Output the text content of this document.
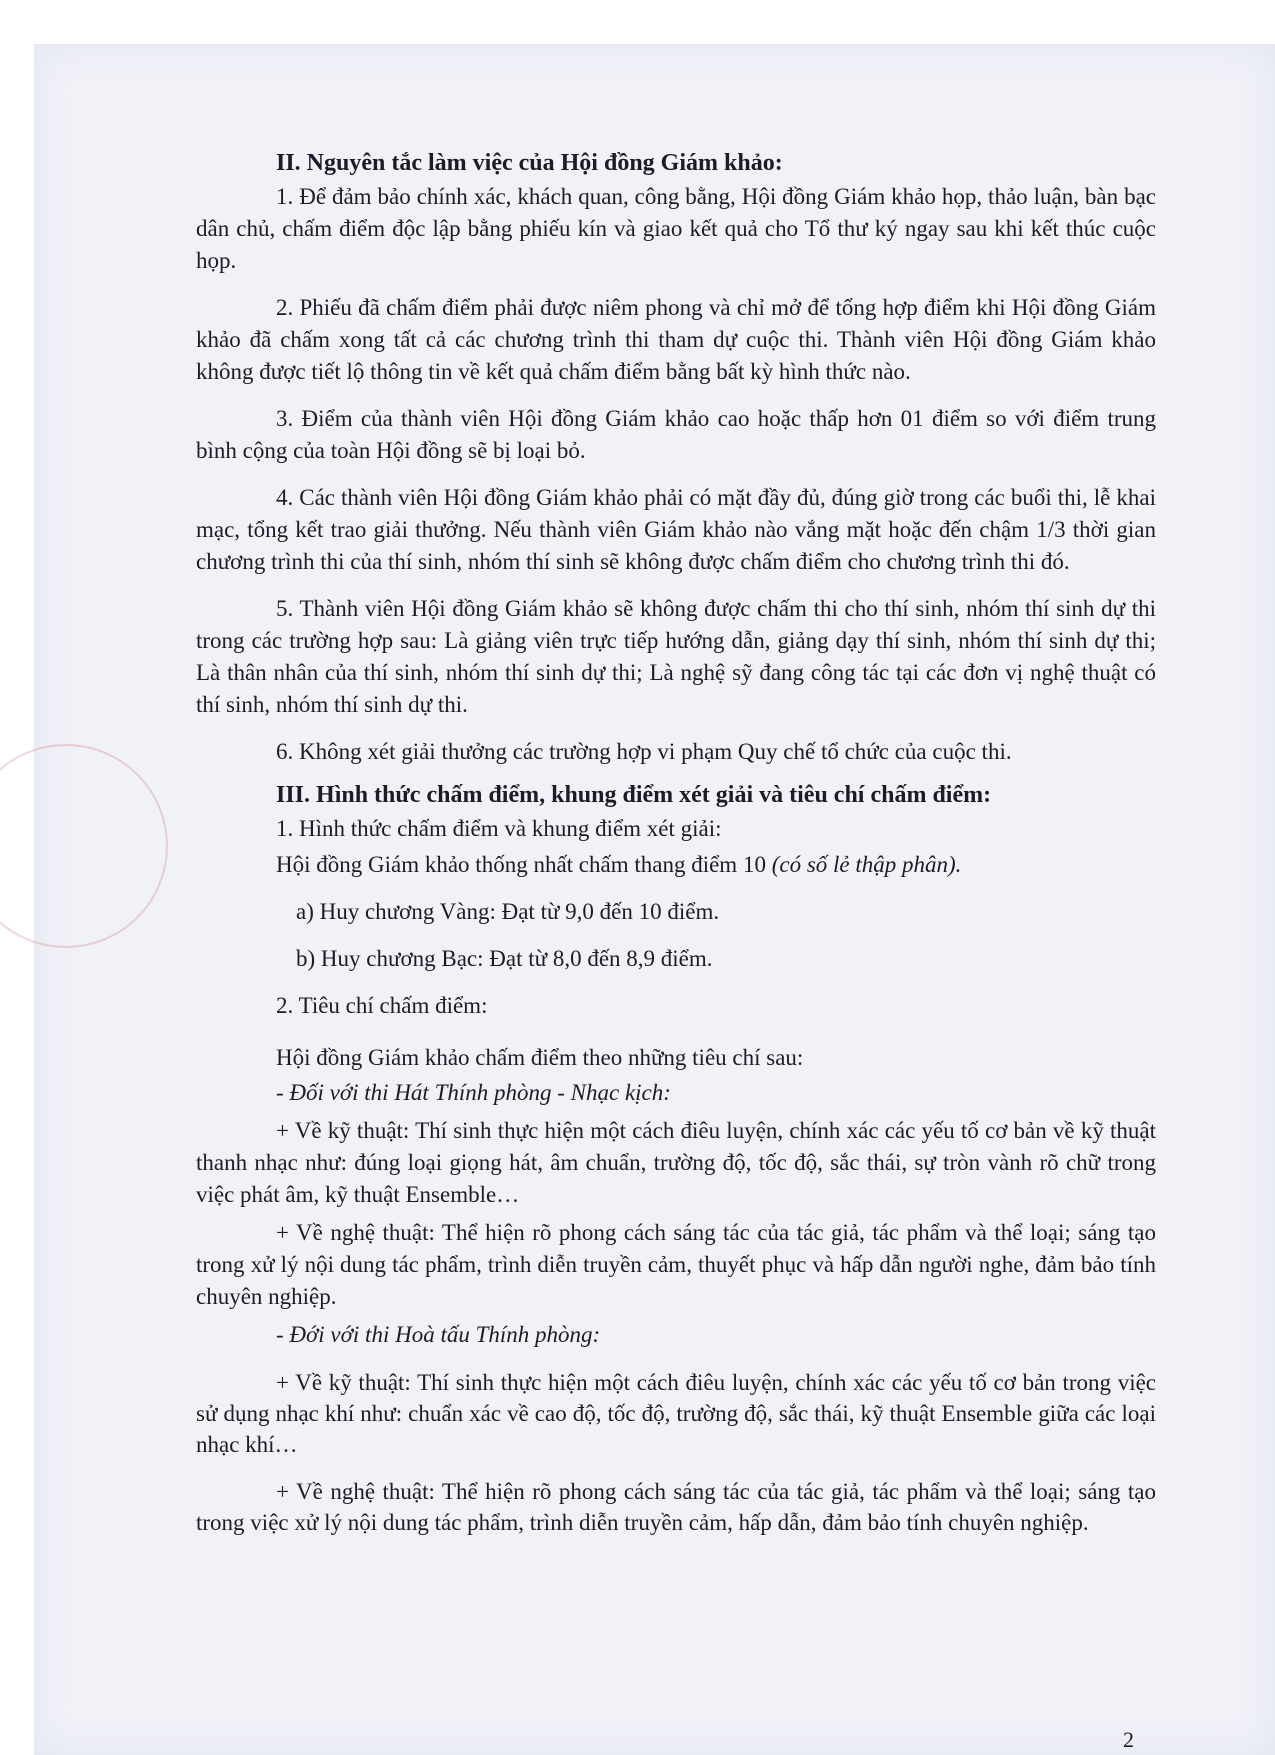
II. Nguyên tắc làm việc của Hội đồng Giám khảo:

1. Để đảm bảo chính xác, khách quan, công bằng, Hội đồng Giám khảo họp, thảo luận, bàn bạc dân chủ, chấm điểm độc lập bằng phiếu kín và giao kết quả cho Tổ thư ký ngay sau khi kết thúc cuộc họp.

2. Phiếu đã chấm điểm phải được niêm phong và chỉ mở để tổng hợp điểm khi Hội đồng Giám khảo đã chấm xong tất cả các chương trình thi tham dự cuộc thi. Thành viên Hội đồng Giám khảo không được tiết lộ thông tin về kết quả chấm điểm bằng bất kỳ hình thức nào.

3. Điểm của thành viên Hội đồng Giám khảo cao hoặc thấp hơn 01 điểm so với điểm trung bình cộng của toàn Hội đồng sẽ bị loại bỏ.

4. Các thành viên Hội đồng Giám khảo phải có mặt đầy đủ, đúng giờ trong các buổi thi, lễ khai mạc, tổng kết trao giải thưởng. Nếu thành viên Giám khảo nào vắng mặt hoặc đến chậm 1/3 thời gian chương trình thi của thí sinh, nhóm thí sinh sẽ không được chấm điểm cho chương trình thi đó.

5. Thành viên Hội đồng Giám khảo sẽ không được chấm thi cho thí sinh, nhóm thí sinh dự thi trong các trường hợp sau: Là giảng viên trực tiếp hướng dẫn, giảng dạy thí sinh, nhóm thí sinh dự thi; Là thân nhân của thí sinh, nhóm thí sinh dự thi; Là nghệ sỹ đang công tác tại các đơn vị nghệ thuật có thí sinh, nhóm thí sinh dự thi.

6. Không xét giải thưởng các trường hợp vi phạm Quy chế tổ chức của cuộc thi.

III. Hình thức chấm điểm, khung điểm xét giải và tiêu chí chấm điểm:

1. Hình thức chấm điểm và khung điểm xét giải:

Hội đồng Giám khảo thống nhất chấm thang điểm 10 (có số lẻ thập phân).

a) Huy chương Vàng: Đạt từ 9,0 đến 10 điểm.

b) Huy chương Bạc: Đạt từ 8,0 đến 8,9 điểm.

2. Tiêu chí chấm điểm:

Hội đồng Giám khảo chấm điểm theo những tiêu chí sau:

- Đối với thi Hát Thính phòng - Nhạc kịch:

+ Về kỹ thuật: Thí sinh thực hiện một cách điêu luyện, chính xác các yếu tố cơ bản về kỹ thuật thanh nhạc như: đúng loại giọng hát, âm chuẩn, trường độ, tốc độ, sắc thái, sự tròn vành rõ chữ trong việc phát âm, kỹ thuật Ensemble…

+ Về nghệ thuật: Thể hiện rõ phong cách sáng tác của tác giả, tác phẩm và thể loại; sáng tạo trong xử lý nội dung tác phẩm, trình diễn truyền cảm, thuyết phục và hấp dẫn người nghe, đảm bảo tính chuyên nghiệp.

- Đới với thi Hoà tấu Thính phòng:

+ Về kỹ thuật: Thí sinh thực hiện một cách điêu luyện, chính xác các yếu tố cơ bản trong việc sử dụng nhạc khí như: chuẩn xác về cao độ, tốc độ, trường độ, sắc thái, kỹ thuật Ensemble giữa các loại nhạc khí…

+ Về nghệ thuật: Thể hiện rõ phong cách sáng tác của tác giả, tác phẩm và thể loại; sáng tạo trong việc xử lý nội dung tác phẩm, trình diễn truyền cảm, hấp dẫn, đảm bảo tính chuyên nghiệp.

2
